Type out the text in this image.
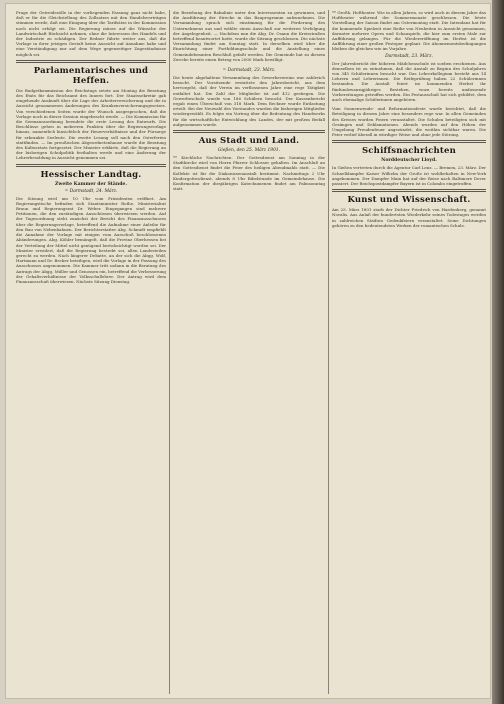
Frage der Getreidezölle in der vorliegenden Fassung ganz nicht habe, daß er für die Gleichstellung des Zollsatzes mit den Handelsverträgen stimmen werde, daß eine Einigung über die Tarifsätze in der Kommission noch nicht erfolgt sei. Die Regierung müsse auf die Wünsche der Landwirtschaft Rücksicht nehmen, ohne die Interessen des Handels und der Industrie zu schädigen. Der Redner führte weiter aus, daß die Vorlage in ihrer jetzigen Gestalt keine Aussicht auf Annahme habe und eine Verständigung nur auf dem Wege gegenseitiger Zugeständnisse möglich sei.

Parlamentarisches und Heffen.

Die Budgetkommission des Reichstags setzte am Montag die Beratung des Etats für das Reichsamt des Innern fort. Der Staatssekretär gab eingehende Auskunft über die Lage der Arbeiterversicherung und die in Aussicht genommenen Änderungen des Krankenversicherungsgesetzes. Von verschiedenen Seiten wurde der Wunsch ausgesprochen, daß die Vorlage noch in dieser Session eingebracht werde. — Die Kommission für die Seemannsordnung beendete die erste Lesung des Entwurfs. Die Beschlüsse gehen in mehreren Punkten über die Regierungsvorlage hinaus, namentlich hinsichtlich der Heuerverhältnisse und der Fürsorge für erkrankte Seeleute. Die zweite Lesung soll nach den Osterferien stattfinden. — Im preußischen Abgeordnetenhause wurde die Beratung des Kultusetats fortgesetzt. Der Minister erklärte, daß die Regierung an der bisherigen Schulpolitik festhalten werde und eine Änderung der Lehrerbesoldung in Aussicht genommen sei.

Hessischer Landtag.
Zweite Kammer der Stände.
= Darmstadt, 24. März.

Die Sitzung wird um 10 Uhr vom Präsidenten eröffnet. Am Regierungstische befinden sich Staatsminister Rothe, Ministerialrat Braun und Regierungsrat Dr. Weber. Eingegangen sind mehrere Petitionen, die den zuständigen Ausschüssen überwiesen werden. Auf der Tagesordnung steht zunächst der Bericht des Finanzausschusses über die Regierungsvorlage, betreffend die Aufnahme einer Anleihe für den Bau von Nebenbahnen. Der Berichterstatter Abg. Schmidt empfiehlt die Annahme der Vorlage mit einigen vom Ausschuß beschlossenen Abänderungen. Abg. Köhler bemängelt, daß die Provinz Oberhessen bei der Verteilung der Mittel nicht genügend berücksichtigt worden sei. Der Minister erwidert, daß die Regierung bestrebt sei, allen Landesteilen gerecht zu werden. Nach längerer Debatte, an der sich die Abgg. Wolf, Hartmann und Dr. Becker beteiligen, wird die Vorlage in der Fassung des Ausschusses angenommen. Die Kammer tritt sodann in die Beratung des Antrags der Abgg. Müller und Genossen ein, betreffend die Verbesserung der Gehaltsverhältnisse der Volksschullehrer. Der Antrag wird dem Finanzausschuß überwiesen. Nächste Sitzung Dienstag.

die Beziehung der Bahnlinie unter den Interessenten zu gewinnen, und die Ausführung der Strecke in das Bauprogramm aufzunehmen. Die Versammlung sprach sich einstimmig für die Förderung des Unternehmens aus und wählte einen Ausschuß zur weiteren Verfolgung der Angelegenheit. — Nachdem nun die Abg. Dr. Osann die Kreisstraßen betreffend beantwortet hatte, wurde die Sitzung geschlossen. Die nächste Versammlung findet am Sonntag statt. In derselben wird über die Einrichtung einer Fortbildungsschule und die Anstellung eines Gemeindebeamten Beschluß gefaßt werden. Die Gemeinde hat zu diesem Zwecke bereits einen Betrag von 2000 Mark bewilligt.

= Darmstadt, 23. März.

Die heute abgehaltene Versammlung des Gewerbevereins war zahlreich besucht. Der Vorsitzende erstattete den Jahresbericht, aus dem hervorgeht, daß der Verein im verflossenen Jahre eine rege Tätigkeit entfaltet hat. Die Zahl der Mitglieder ist auf 412 gestiegen. Die Gewerbeschule wurde von 186 Schülern besucht. Der Kassenbericht ergab einen Überschuß von 318 Mark. Dem Rechner wurde Entlastung erteilt. Bei der Neuwahl des Vorstandes wurden die bisherigen Mitglieder wiedergewählt. Es folgte ein Vortrag über die Bedeutung des Handwerks für die wirtschaftliche Entwicklung des Landes, der mit großem Beifall aufgenommen wurde.

Aus Stadt und Land.
Gießen, den 25. März 1901.

** Kirchliche Nachrichten. Der Gottesdienst am Sonntag in der Stadtkirche wird von Herrn Pfarrer Schlosser gehalten. Im Anschluß an den Gottesdienst findet die Feier des heiligen Abendmahls statt. — Die Kollekte ist für die Diakonissenanstalt bestimmt. Nachmittags 2 Uhr Kindergottesdienst, abends 8 Uhr Bibelstunde im Gemeindehause. Die Konfirmation der diesjährigen Katechumenen findet am Palmsonntag statt.

** Großh. Hoftheater. Wie in allen Jahren, so wird auch in diesem Jahre das Hoftheater während der Sommermonate geschlossen. Die letzte Vorstellung der Saison findet am Ostermontag statt. Die Intendanz hat für die kommende Spielzeit eine Reihe von Neuheiten in Aussicht genommen, darunter mehrere Opern und Schauspiele, die hier zum ersten Male zur Aufführung gelangen. Für die Wiedereröffnung im Herbst ist die Aufführung einer großen Festoper geplant. Die Abonnementsbedingungen bleiben die gleichen wie im Vorjahre.

Darmstadt, 23. März.

Der Jahresbericht der höheren Mädchenschule ist soeben erschienen. Aus demselben ist zu entnehmen, daß die Anstalt zu Beginn des Schuljahres von 345 Schülerinnen besucht war. Das Lehrerkollegium besteht aus 14 Lehrern und Lehrerinnen. Die Reifeprüfung haben 22 Schülerinnen bestanden. Die Anstalt feiert im kommenden Herbst ihr fünfundzwanzigjähriges Bestehen, wozu bereits umfassende Vorbereitungen getroffen werden. Ein Festausschuß hat sich gebildet, dem auch ehemalige Schülerinnen angehören.

Vom Sonnenwende- und Reformationsfeste wurde berichtet, daß die Beteiligung in diesem Jahre eine besonders rege war. In allen Gemeinden des Kreises wurden Feiern veranstaltet. Die Schulen beteiligten sich mit Gesängen und Deklamationen. Abends wurden auf den Höhen der Umgebung Freudenfeuer angezündet, die weithin sichtbar waren. Die Feier verlief überall in würdiger Weise und ohne jede Störung.

Schiffsnachrichten
Norddeutscher Lloyd.

In Gießen vertreten durch die Agentur Carl Lenz. — Bremen, 23. März. Der Schnelldampfer Kaiser Wilhelm der Große ist wohlbehalten in New-York angekommen. Der Dampfer Main hat auf der Reise nach Baltimore Dover passiert. Der Reichspostdampfer Bayern ist in Colombo eingetroffen.

Kunst und Wissenschaft.

Am 25. März 1801 starb der Dichter Friedrich von Hardenberg, genannt Novalis. Aus Anlaß der hundertsten Wiederkehr seines Todestages werden in zahlreichen Städten Gedenkfeiern veranstaltet. Seine Dichtungen gehören zu den bedeutendsten Werken der romantischen Schule.
